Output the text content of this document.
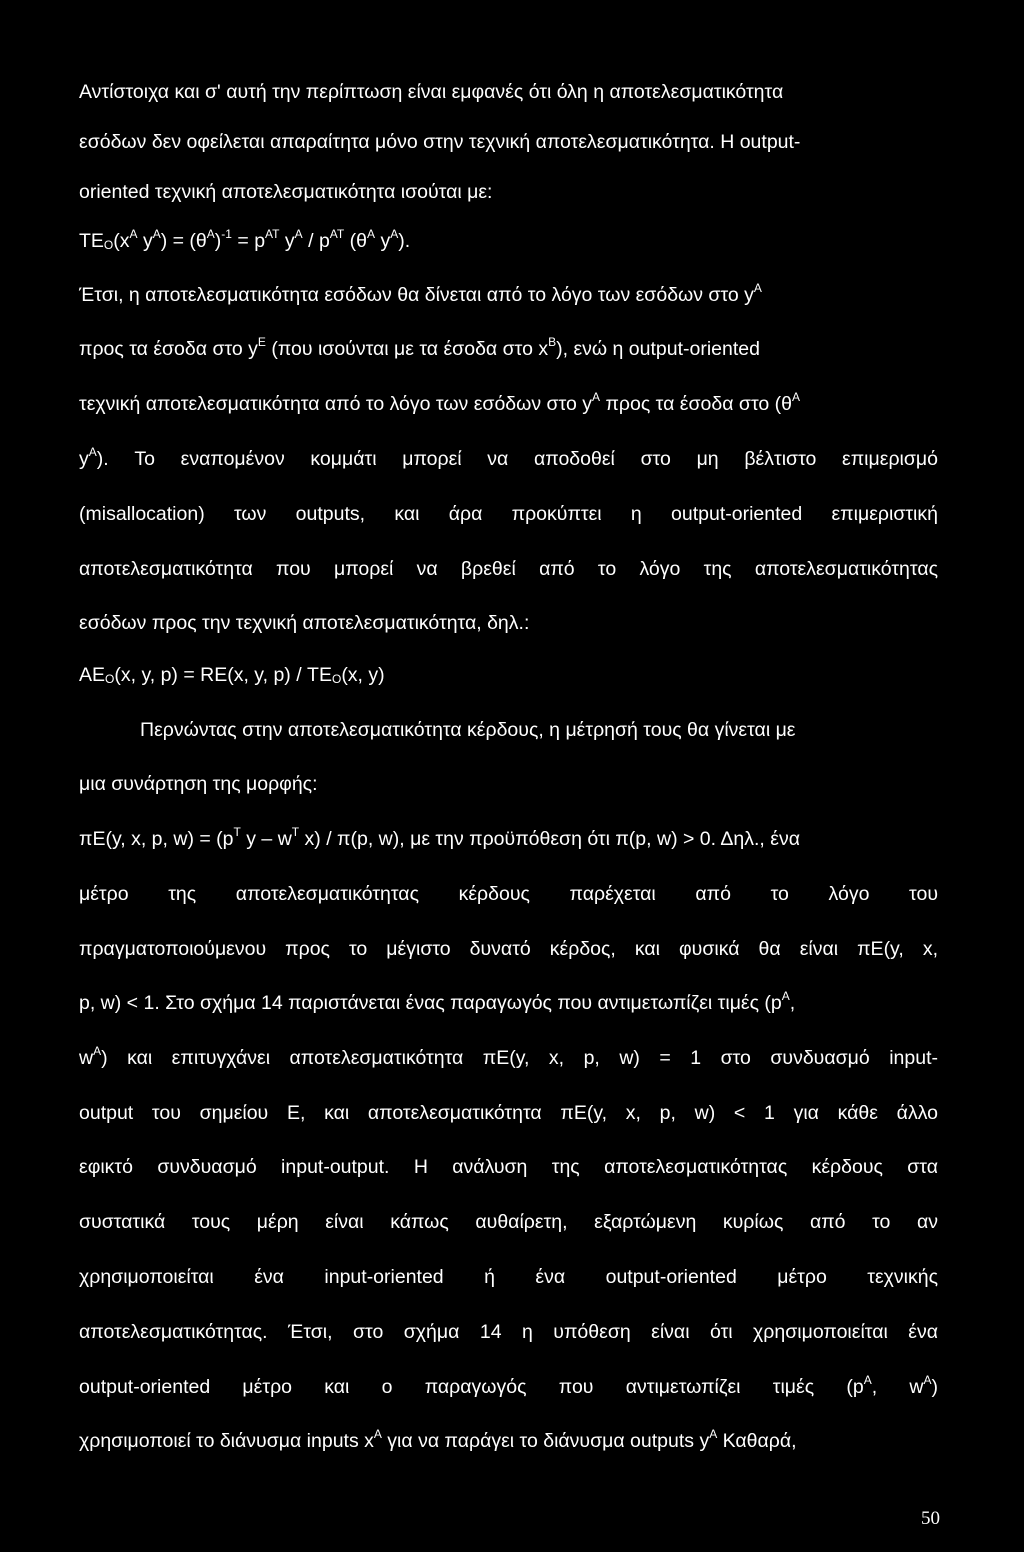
Αντίστοιχα και σ' αυτή την περίπτωση είναι εμφανές ότι όλη η αποτελεσματικότητα
εσόδων δεν οφείλεται απαραίτητα μόνο στην τεχνική αποτελεσματικότητα. Η output-
oriented τεχνική αποτελεσματικότητα ισούται με:
$TE_O(x^A$ $y^A) = (\theta^A)^{-1} = p^{AT}$ $y^A / p^{AT}$ ($\theta^A$ $y^A$).
Έτσι, η αποτελεσματικότητα εσόδων θα δίνεται από το λόγο των εσόδων στο $y^A$
προς τα έσοδα στο $y^E$ (που ισούνται με τα έσοδα στο $x^B$), ενώ η output-oriented
τεχνική αποτελεσματικότητα από το λόγο των εσόδων στο $y^A$ προς τα έσοδα στο ($\theta^A$
$y^A$). Το εναπομένον κομμάτι μπορεί να αποδοθεί στο μη βέλτιστο επιμερισμό
(misallocation) των outputs, και άρα προκύπτει η output-oriented επιμεριστική
αποτελεσματικότητα που μπορεί να βρεθεί από το λόγο της αποτελεσματικότητας
εσόδων προς την τεχνική αποτελεσματικότητα, δηλ.:
$AE_O(x$, y, p) = RE(x, y, $p) / TE_O(x$, y)
Περνώντας στην αποτελεσματικότητα κέρδους, η μέτρησή τους θα γίνεται με
μια συνάρτηση της μορφής:
πΕ(y, x, p, $w) = (p^T$ y – $w^T$ x) / π(p, w), με την προϋπόθεση ότι π(p, w) > 0. Δηλ., ένα
μέτρο της αποτελεσματικότητας κέρδους παρέχεται από το λόγο του
πραγματοποιούμενου προς το μέγιστο δυνατό κέρδος, και φυσικά θα είναι πΕ(y, x,
p, w) < 1. Στο σχήμα 14 παριστάνεται ένας παραγωγός που αντιμετωπίζει τιμές ($p^A$,
$w^A$) και επιτυγχάνει αποτελεσματικότητα πΕ(y, x, p, w) = 1 στο συνδυασμό input-
output του σημείου Ε, και αποτελεσματικότητα πΕ(y, x, p, w) < 1 για κάθε άλλο
εφικτό συνδυασμό input-output. Η ανάλυση της αποτελεσματικότητας κέρδους στα
συστατικά τους μέρη είναι κάπως αυθαίρετη, εξαρτώμενη κυρίως από το αν
χρησιμοποιείται ένα input-oriented ή ένα output-oriented μέτρο τεχνικής
αποτελεσματικότητας. Έτσι, στο σχήμα 14 η υπόθεση είναι ότι χρησιμοποιείται ένα
output-oriented μέτρο και ο παραγωγός που αντιμετωπίζει τιμές ($p^A$, $w^A$)
χρησιμοποιεί το διάνυσμα inputs $x^A$ για να παράγει το διάνυσμα outputs $y^A$ Καθαρά,
50
